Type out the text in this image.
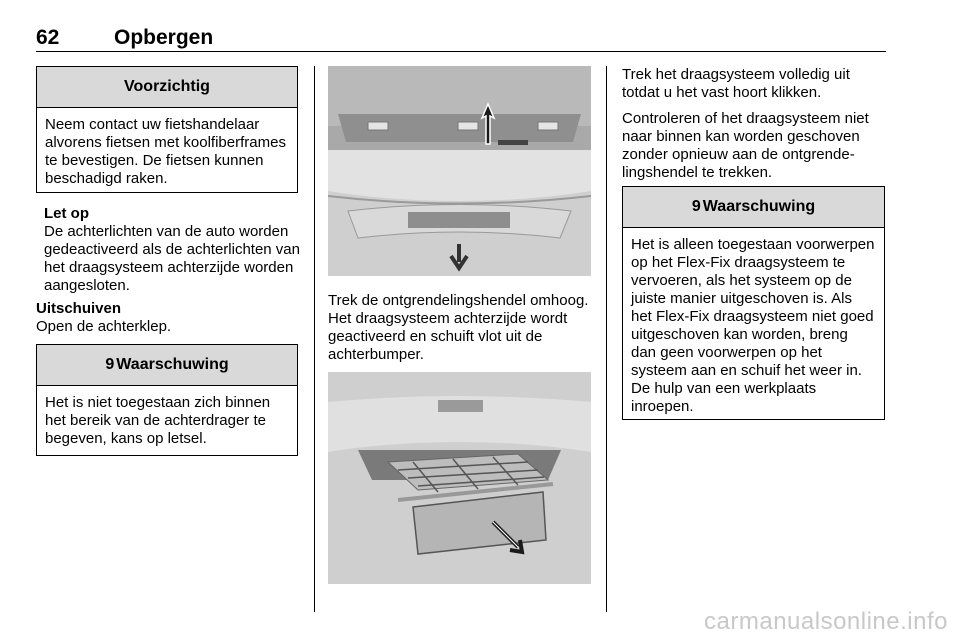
62	Opbergen
Voorzichtig
Neem contact uw fietshandelaar alvorens fietsen met koolfiberframes te bevestigen. De fietsen kunnen beschadigd raken.
Let op
De achterlichten van de auto worden gedeactiveerd als de achterlichten van het draagsysteem achterzijde worden aangesloten.
Uitschuiven
Open de achterklep.
9 Waarschuwing
Het is niet toegestaan zich binnen het bereik van de achterdrager te begeven, kans op letsel.
Trek de ontgrendelingshendel omhoog. Het draagsysteem achterzijde wordt geactiveerd en schuift vlot uit de achterbumper.
Trek het draagsysteem volledig uit totdat u het vast hoort klikken.
Controleren of het draagsysteem niet naar binnen kan worden geschoven zonder opnieuw aan de ontgrendelingshendel te trekken.
9 Waarschuwing
Het is alleen toegestaan voorwerpen op het Flex-Fix draagsysteem te vervoeren, als het systeem op de juiste manier uitgeschoven is. Als het Flex-Fix draagsysteem niet goed uitgeschoven kan worden, breng dan geen voorwerpen op het systeem aan en schuif het weer in. De hulp van een werkplaats inroepen.
carmanualsonline.info
